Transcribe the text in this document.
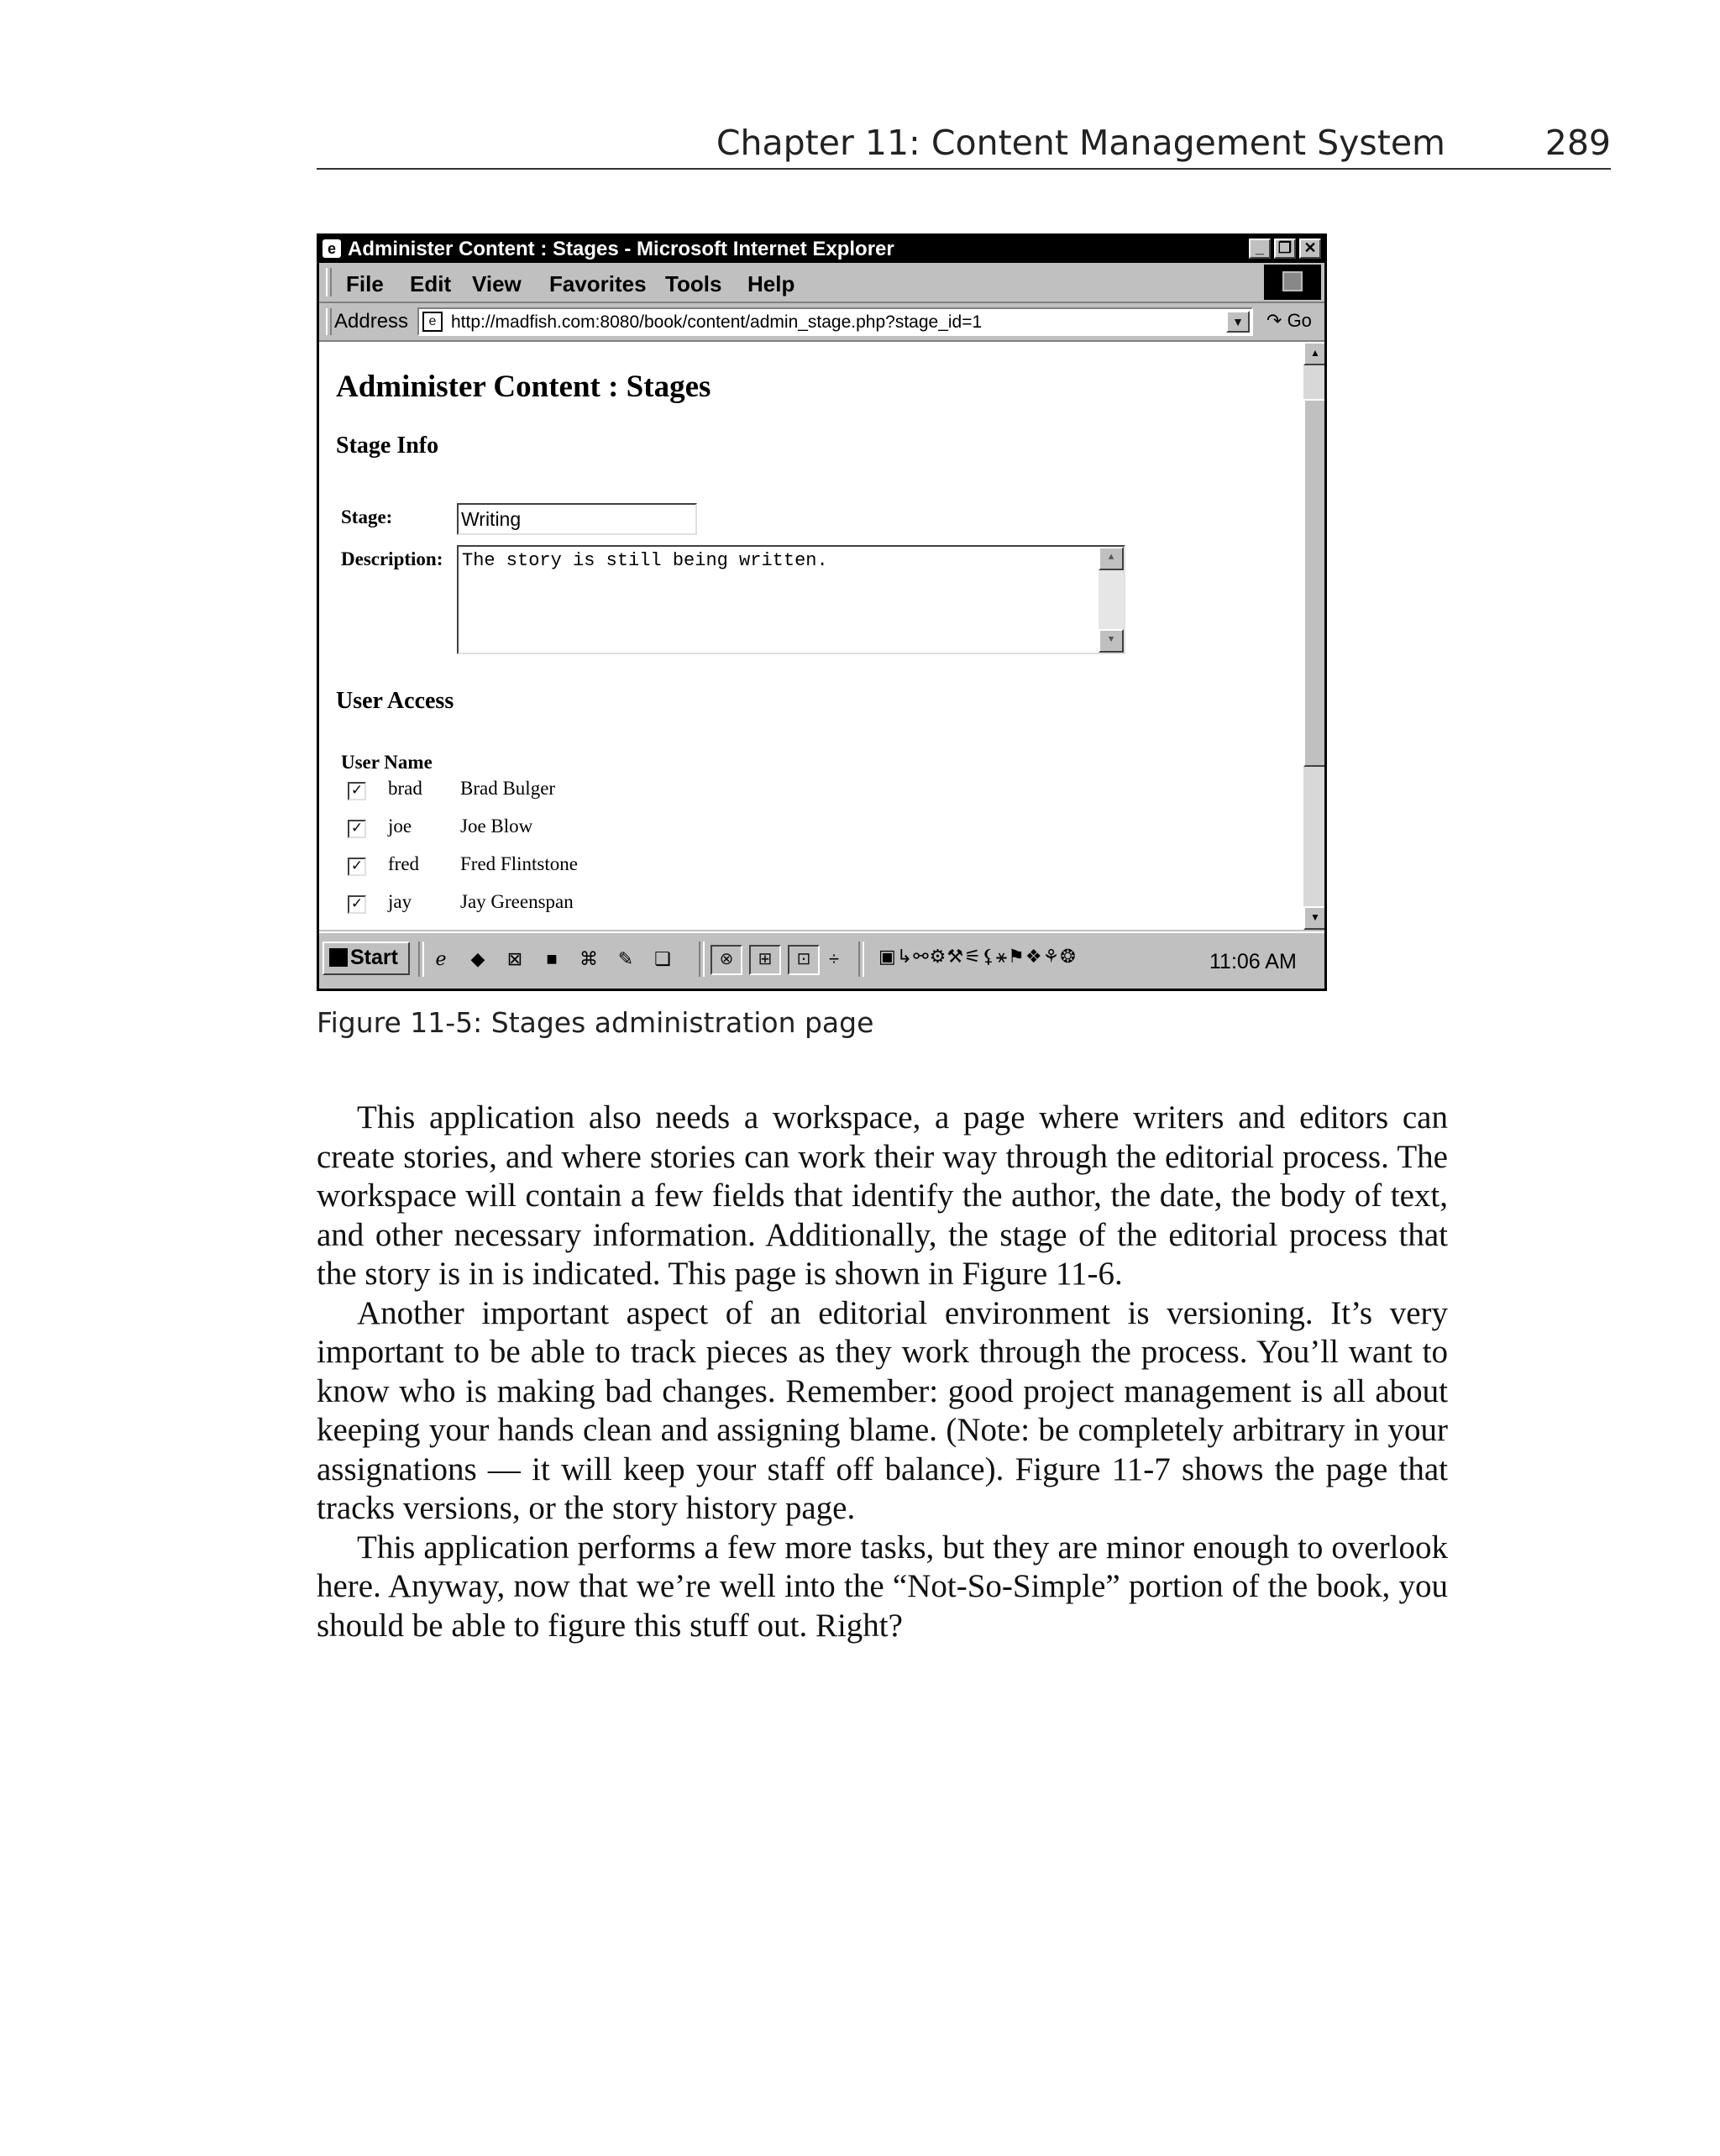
Chapter 11: Content Management System	289
e Administer Content : Stages - Microsoft Internet Explorer	_ ❐ ✕
File Edit View Favorites Tools Help
Address	e http://madfish.com:8080/book/content/admin_stage.php?stage_id=1	▼	↷ Go
Administer Content : Stages
Stage Info
Stage:	Writing
Description: The story is still being written.	▲
▼
User Access
User Name
✓ brad Brad Bulger
✓ joe	Joe Blow
✓ fred Fred Flintstone
✓ jay	Jay Greenspan
▲
▼
Start	ℯ ◆ ⊠ ■ ⌘ ✎ ❏	⊗	⊞	⊡ ÷	▣↳⚯⚙⚒⚟⚸⚹⚑❖⚘❂	11:06 AM
Figure 11-5: Stages administration page

This application also needs a workspace, a page where writers and editors can create stories, and where stories can work their way through the editorial process. The workspace will contain a few fields that identify the author, the date, the body of text, and other necessary information. Additionally, the stage of the editorial process that the story is in is indicated. This page is shown in Figure 11-6.

Another important aspect of an editorial environment is versioning. It’s very important to be able to track pieces as they work through the process. You’ll want to know who is making bad changes. Remember: good project management is all about keeping your hands clean and assigning blame. (Note: be completely arbitrary in your assignations — it will keep your staff off balance). Figure 11-7 shows the page that tracks versions, or the story history page.

This application performs a few more tasks, but they are minor enough to overlook here. Anyway, now that we’re well into the “Not-So-Simple” portion of the book, you should be able to figure this stuff out. Right?
